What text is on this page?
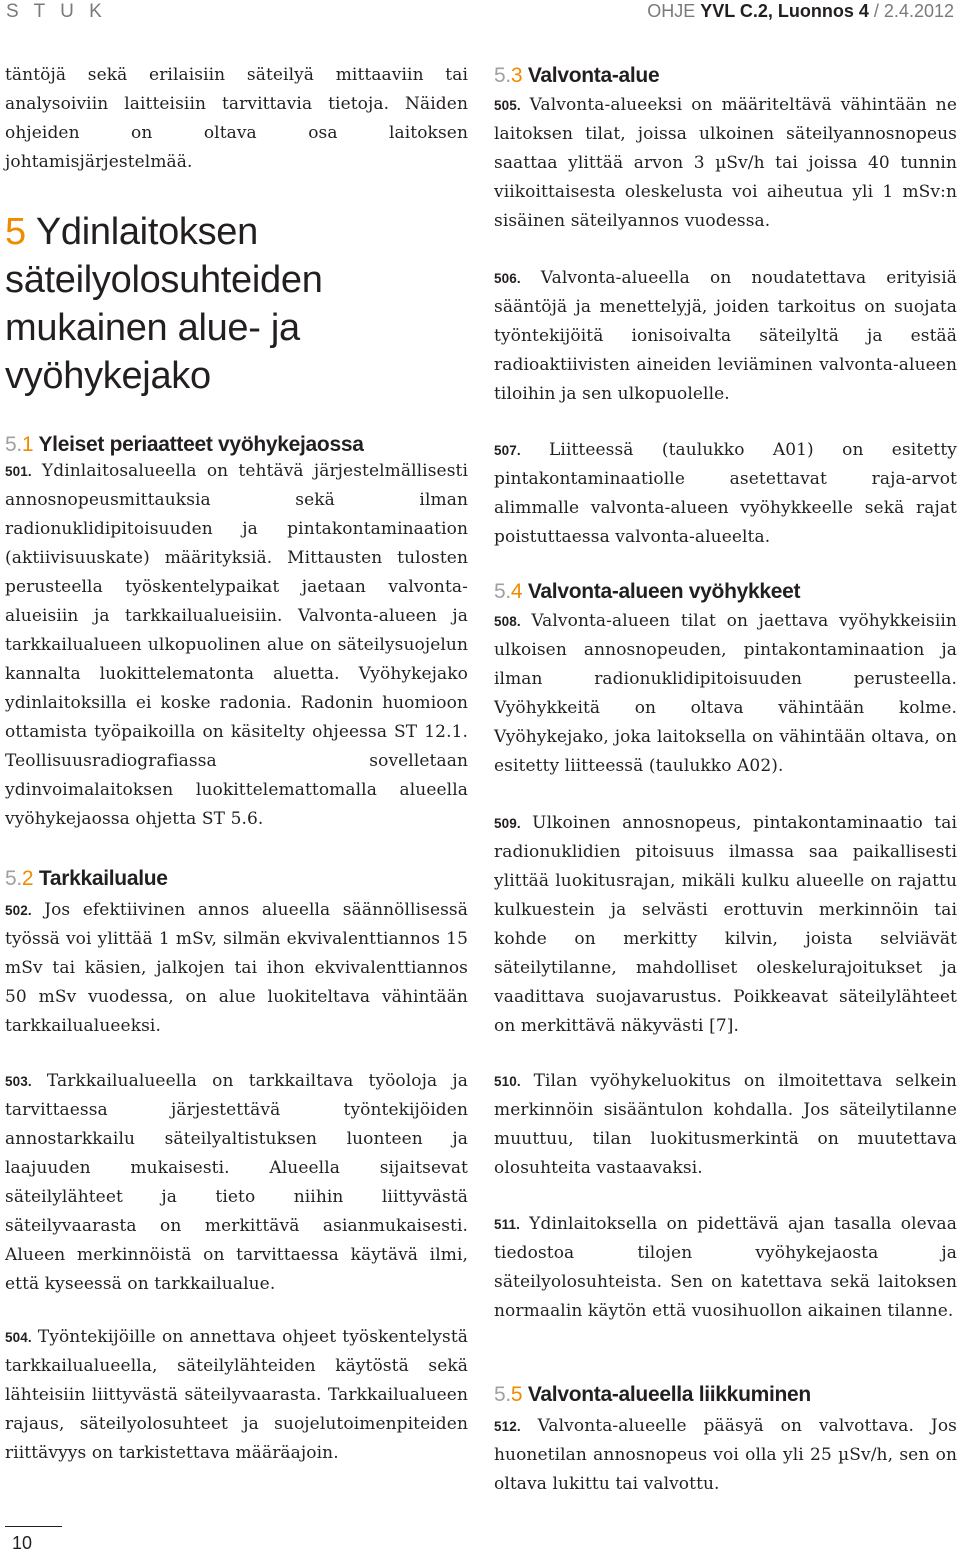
S T U K	OHJE YVL C.2, Luonnos 4 / 2.4.2012

täntöjä sekä erilaisiin säteilyä mittaaviin tai analysoiviin laitteisiin tarvittavia tietoja. Näiden ohjeiden on oltava osa laitoksen johtamisjärjestelmää.

5 Ydinlaitoksen säteilyolosuhteiden mukainen alue- ja vyöhykejako
5.1 Yleiset periaatteet vyöhykejaossa

501. Ydinlaitosalueella on tehtävä järjestelmällisesti annosnopeusmittauksia sekä ilman radionuklidipitoisuuden ja pintakontaminaation (aktiivisuuskate) määrityksiä. Mittausten tulosten perusteella työskentelypaikat jaetaan valvonta-alueisiin ja tarkkailualueisiin. Valvonta-alueen ja tarkkailualueen ulkopuolinen alue on säteilysuojelun kannalta luokittelematonta aluetta. Vyöhykejako ydinlaitoksilla ei koske radonia. Radonin huomioon ottamista työpaikoilla on käsitelty ohjeessa ST 12.1. Teollisuusradiografiassa sovelletaan ydinvoimalaitoksen luokittelemattomalla alueella vyöhykejaossa ohjetta ST 5.6.

5.2 Tarkkailualue

502. Jos efektiivinen annos alueella säännöllisessä työssä voi ylittää 1 mSv, silmän ekvivalenttiannos 15 mSv tai käsien, jalkojen tai ihon ekvivalenttiannos 50 mSv vuodessa, on alue luokiteltava vähintään tarkkailualueeksi.

503. Tarkkailualueella on tarkkailtava työoloja ja tarvittaessa järjestettävä työntekijöiden annostarkkailu säteilyaltistuksen luonteen ja laajuuden mukaisesti. Alueella sijaitsevat säteilylähteet ja tieto niihin liittyvästä säteilyvaarasta on merkittävä asianmukaisesti. Alueen merkinnöistä on tarvittaessa käytävä ilmi, että kyseessä on tarkkailualue.

504. Työntekijöille on annettava ohjeet työskentelystä tarkkailualueella, säteilylähteiden käytöstä sekä lähteisiin liittyvästä säteilyvaarasta. Tarkkailualueen rajaus, säteilyolosuhteet ja suojelutoimenpiteiden riittävyys on tarkistettava määräajoin.

5.3 Valvonta-alue

505. Valvonta-alueeksi on määriteltävä vähintään ne laitoksen tilat, joissa ulkoinen säteilyannosnopeus saattaa ylittää arvon 3 µSv/h tai joissa 40 tunnin viikoittaisesta oleskelusta voi aiheutua yli 1 mSv:n sisäinen säteilyannos vuodessa.

506. Valvonta-alueella on noudatettava erityisiä sääntöjä ja menettelyjä, joiden tarkoitus on suojata työntekijöitä ionisoivalta säteilyltä ja estää radioaktiivisten aineiden leviäminen valvonta-alueen tiloihin ja sen ulkopuolelle.

507. Liitteessä (taulukko A01) on esitetty pintakontaminaatiolle asetettavat raja-arvot alimmalle valvonta-alueen vyöhykkeelle sekä rajat poistuttaessa valvonta-alueelta.

5.4 Valvonta-alueen vyöhykkeet

508. Valvonta-alueen tilat on jaettava vyöhykkeisiin ulkoisen annosnopeuden, pintakontaminaation ja ilman radionuklidipitoisuuden perusteella. Vyöhykkeitä on oltava vähintään kolme. Vyöhykejako, joka laitoksella on vähintään oltava, on esitetty liitteessä (taulukko A02).

509. Ulkoinen annosnopeus, pintakontaminaatio tai radionuklidien pitoisuus ilmassa saa paikallisesti ylittää luokitusrajan, mikäli kulku alueelle on rajattu kulkuestein ja selvästi erottuvin merkinnöin tai kohde on merkitty kilvin, joista selviävät säteilytilanne, mahdolliset oleskelurajoitukset ja vaadittava suojavarustus. Poikkeavat säteilylähteet on merkittävä näkyvästi [7].

510. Tilan vyöhykeluokitus on ilmoitettava selkein merkinnöin sisääntulon kohdalla. Jos säteilytilanne muuttuu, tilan luokitusmerkintä on muutettava olosuhteita vastaavaksi.

511. Ydinlaitoksella on pidettävä ajan tasalla olevaa tiedostoa tilojen vyöhykejaosta ja säteilyolosuhteista. Sen on katettava sekä laitoksen normaalin käytön että vuosihuollon aikainen tilanne.

5.5 Valvonta-alueella liikkuminen

512. Valvonta-alueelle pääsyä on valvottava. Jos huonetilan annosnopeus voi olla yli 25 µSv/h, sen on oltava lukittu tai valvottu.

10
